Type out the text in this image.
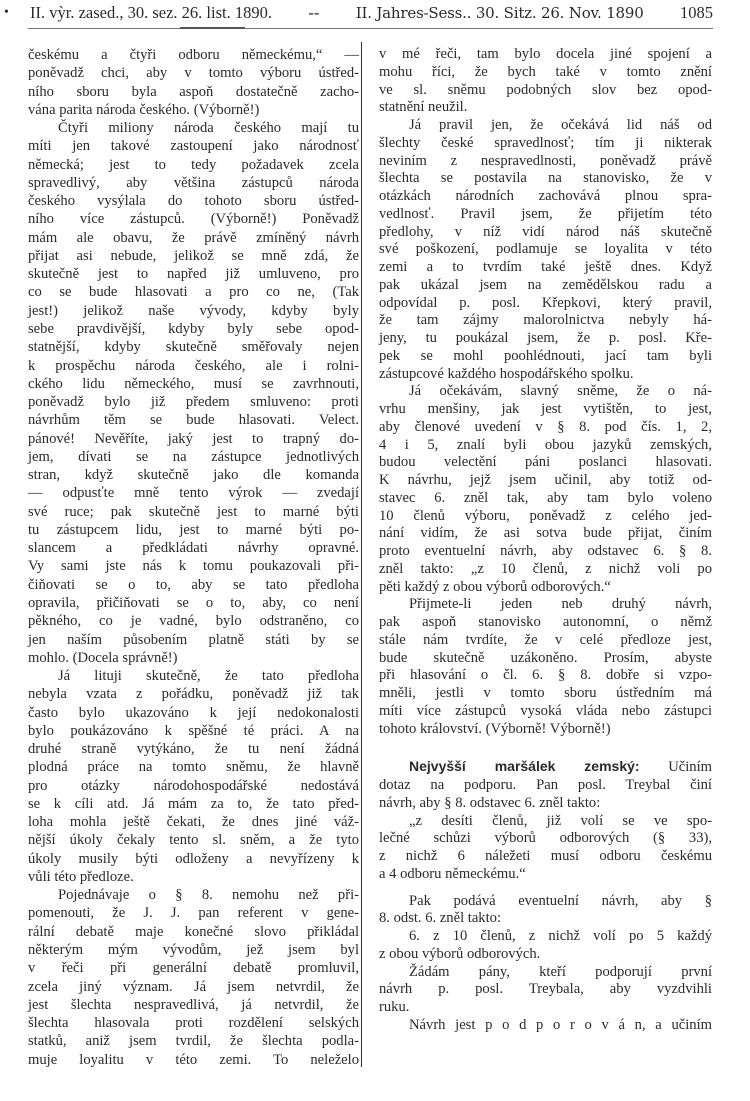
• II. vỳr. zased., 30. sez. 26. list. 1890. -- II. Jahres-Sess.. 30. Sitz. 26. Nov. 1890 1085
českému a čtyři odboru německému,“ —
poněvadž chci, aby v tomto výboru ústřed-
ního sboru byla aspoň dostatečně zacho-
vána parita národa českého. (Výborně!)
Čtyři miliony národa českého mají tu
míti jen takové zastoupení jako národnosť
německá; jest to tedy požadavek zcela
spravedlivý, aby většina zástupců národa
českého vysýlala do tohoto sboru ústřed-
ního více zástupců. (Výborně!) Poněvadž
mám ale obavu, že právě zmíněný návrh
přijat asi nebude, jelikož se mně zdá, že
skutečně jest to napřed již umluveno, pro
co se bude hlasovati a pro co ne, (Tak
jest!) jelikož naše vývody, kdyby byly
sebe pravdivější, kdyby byly sebe opod-
statnější, kdyby skutečně směřovaly nejen
k prospěchu národa českého, ale i rolni-
ckého lidu německého, musí se zavrhnouti,
poněvadž bylo již předem smluveno: proti
návrhům těm se bude hlasovati. Velect.
pánové! Nevěříte, jaký jest to trapný do-
jem, dívati se na zástupce jednotlivých
stran, když skutečně jako dle komanda
— odpusťte mně tento výrok — zvedají
své ruce; pak skutečně jest to marné býti
tu zástupcem lidu, jest to marné býti po-
slancem a předkládati návrhy opravné.
Vy sami jste nás k tomu poukazovali při-
čiňovati se o to, aby se tato předloha
opravila, přičiňovati se o to, aby, co není
pěkného, co je vadné, bylo odstraněno, co
jen naším působením platně státi by se
mohlo. (Docela správně!)
Já lituji skutečně, že tato předloha
nebyla vzata z pořádku, poněvadž již tak
často bylo ukazováno k její nedokonalosti
bylo poukázováno k spěšné té práci. A na
druhé straně vytýkáno, že tu není žádná
plodná práce na tomto sněmu, že hlavně
pro otázky národohospodářské nedostává
se k cíli atd. Já mám za to, že tato před-
loha mohla ještě čekati, že dnes jiné váž-
nější úkoly čekaly tento sl. sněm, a že tyto
úkoly musily býti odloženy a nevyřízeny k
vůli této předloze.
Pojednávaje o § 8. nemohu než při-
pomenouti, že J. J. pan referent v gene-
rální debatě maje konečné slovo přikládal
některým mým vývodům, jež jsem byl
v řeči při generální debatě promluvil,
zcela jiný význam. Já jsem netvrdil, že
jest šlechta nespravedlivá, já netvrdil, že
šlechta hlasovala proti rozdělení selských
statků, aniž jsem tvrdil, že šlechta podla-
muje loyalitu v této zemi. To neleželo
v mé řeči, tam bylo docela jiné spojení a
mohu říci, že bych také v tomto znění
ve sl. sněmu podobných slov bez opod-
statnění neužil.
Já pravil jen, že očekává lid náš od
šlechty české spravedlnosť; tím ji nikterak
neviním z nespravedlnosti, poněvadž právě
šlechta se postavila na stanovisko, že v
otázkách národních zachovává plnou spra-
vedlnosť. Pravil jsem, že přijetím této
předlohy, v níž vidí národ náš skutečně
své poškození, podlamuje se loyalita v této
zemi a to tvrdím také ještě dnes. Když
pak ukázal jsem na zemědělskou radu a
odpovídal p. posl. Křepkovi, který pravil,
že tam zájmy malorolnictva nebyly há-
jeny, tu poukázal jsem, že p. posl. Kře-
pek se mohl poohlédnouti, jací tam byli
zástupcové každého hospodářského spolku.
Já očekávám, slavný sněme, že o ná-
vrhu menšiny, jak jest vytištěn, to jest,
aby členové uvedení v § 8. pod čís. 1, 2,
4 i 5, znalí byli obou jazyků zemských,
budou velectění páni poslanci hlasovati.
K návrhu, jejž jsem učinil, aby totiž od-
stavec 6. zněl tak, aby tam bylo voleno
10 členů výboru, poněvadž z celého jed-
nání vidím, že asi sotva bude přijat, činím
proto eventuelní návrh, aby odstavec 6. § 8.
zněl takto: „z 10 členů, z nichž voli po
pěti každý z obou výborů odborových.“
Přijmete-li jeden neb druhý návrh,
pak aspoň stanovisko autonomní, o němž
stále nám tvrdíte, že v celé předloze jest,
bude skutečně uzákoněno. Prosím, abyste
při hlasování o čl. 6. § 8. dobře si vzpo-
mněli, jestli v tomto sboru ústředním má
míti více zástupců vysoká vláda nebo zástupci
tohoto království. (Výborně! Výborně!)
Nejvyšší maršálek zemský: Učiním
dotaz na podporu. Pan posl. Treybal činí
návrh, aby § 8. odstavec 6. zněl takto:
„z desíti členů, již volí se ve spo-
lečné schůzi výborů odborových (§ 33),
z nichž 6 náležeti musí odboru českému
a 4 odboru německému.“
Pak podává eventuelní návrh, aby §
8. odst. 6. zněl takto:
6. z 10 členů, z nichž volí po 5 každý
z obou výborů odborových.
Žádám pány, kteří podporují první
návrh p. posl. Treybala, aby vyzdvihli
ruku.
Návrh jest p o d p o r o v á n, a učiním
